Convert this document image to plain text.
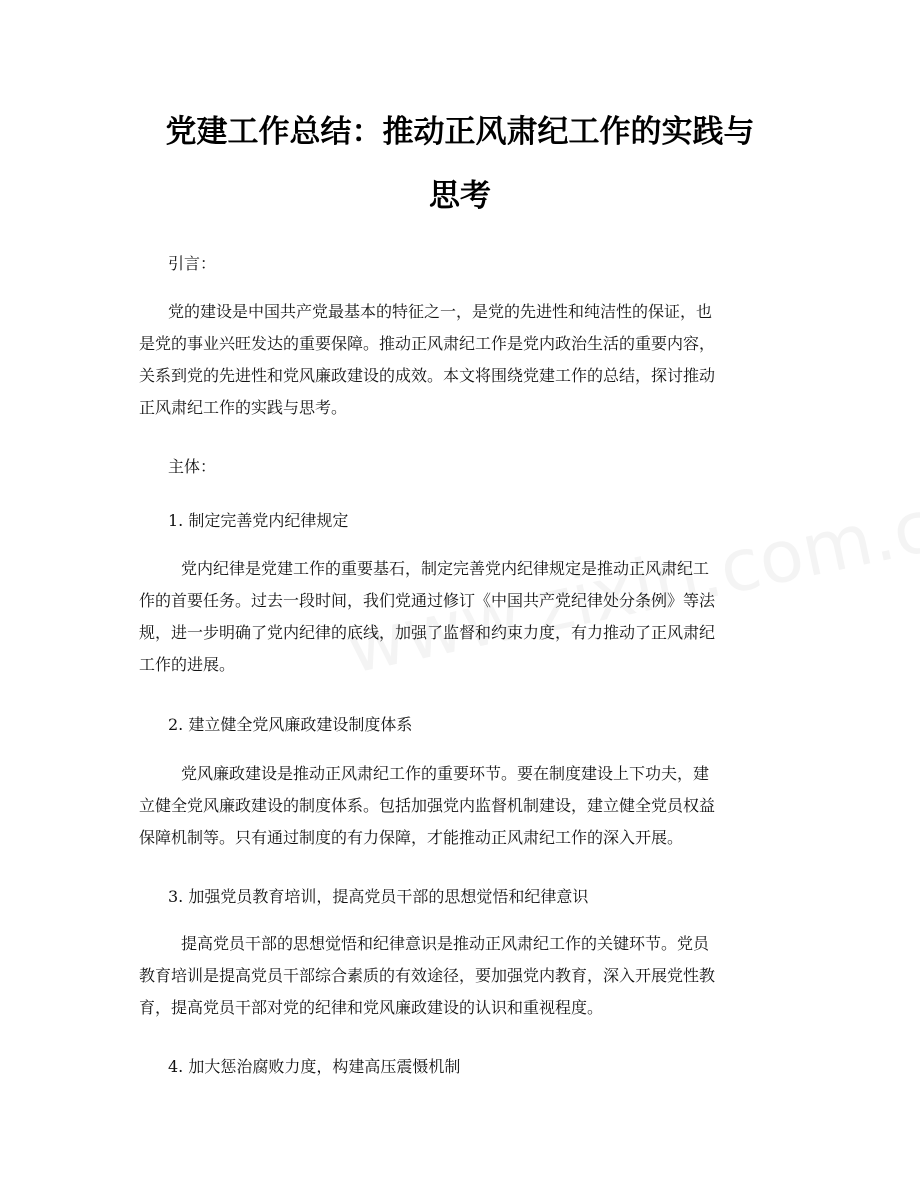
党建工作总结：推动正风肃纪工作的实践与
思考

引言：

党的建设是中国共产党最基本的特征之一，是党的先进性和纯洁性的保证，也
是党的事业兴旺发达的重要保障。推动正风肃纪工作是党内政治生活的重要内容，
关系到党的先进性和党风廉政建设的成效。本文将围绕党建工作的总结，探讨推动
正风肃纪工作的实践与思考。

主体：

1. 制定完善党内纪律规定

党内纪律是党建工作的重要基石，制定完善党内纪律规定是推动正风肃纪工
作的首要任务。过去一段时间，我们党通过修订《中国共产党纪律处分条例》等法
规，进一步明确了党内纪律的底线，加强了监督和约束力度，有力推动了正风肃纪
工作的进展。

2. 建立健全党风廉政建设制度体系

党风廉政建设是推动正风肃纪工作的重要环节。要在制度建设上下功夫，建
立健全党风廉政建设的制度体系。包括加强党内监督机制建设，建立健全党员权益
保障机制等。只有通过制度的有力保障，才能推动正风肃纪工作的深入开展。

3. 加强党员教育培训，提高党员干部的思想觉悟和纪律意识

提高党员干部的思想觉悟和纪律意识是推动正风肃纪工作的关键环节。党员
教育培训是提高党员干部综合素质的有效途径，要加强党内教育，深入开展党性教
育，提高党员干部对党的纪律和党风廉政建设的认识和重视程度。

4. 加大惩治腐败力度，构建高压震慑机制
